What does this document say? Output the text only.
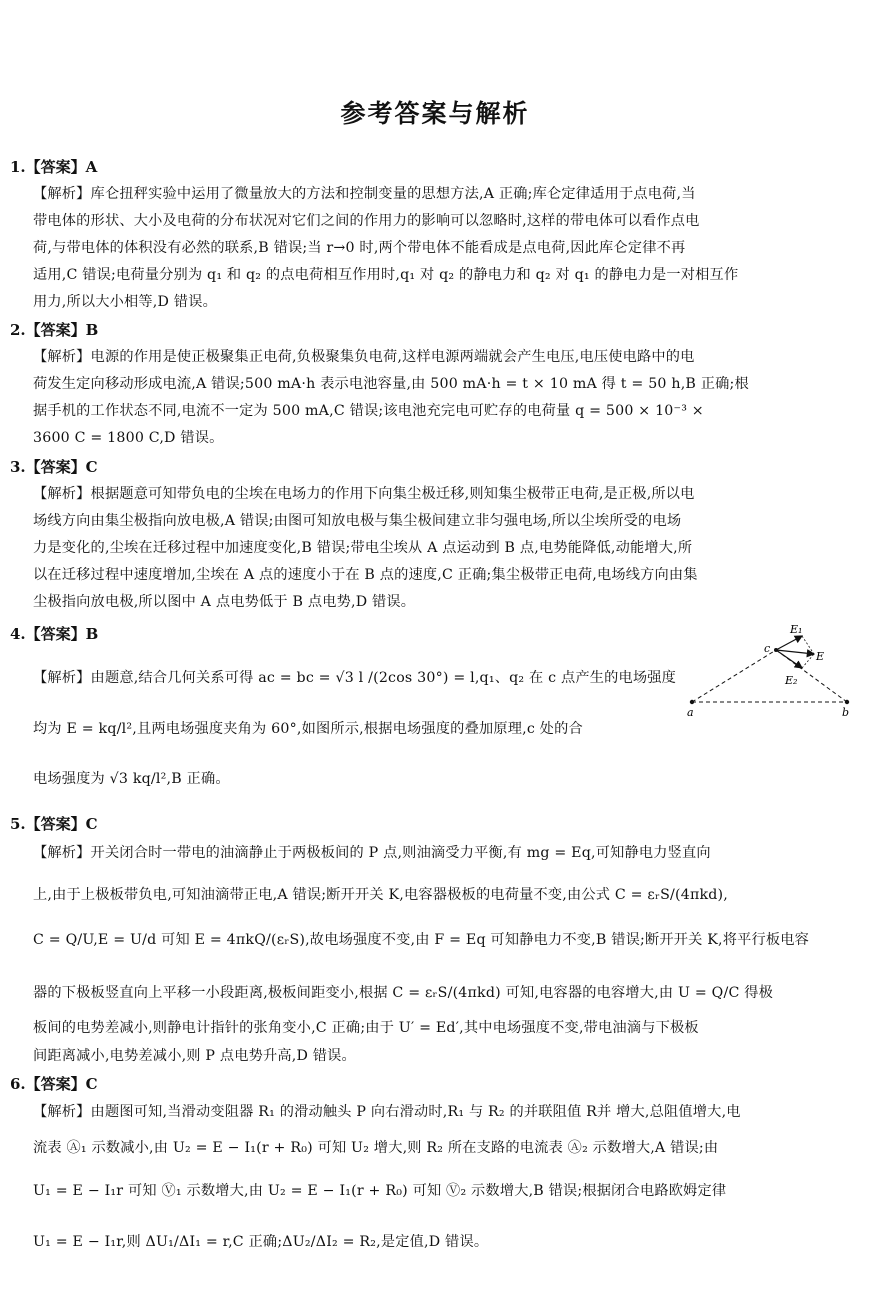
参考答案与解析
1.【答案】A
【解析】库仑扭秤实验中运用了微量放大的方法和控制变量的思想方法,A 正确;库仑定律适用于点电荷,当
带电体的形状、大小及电荷的分布状况对它们之间的作用力的影响可以忽略时,这样的带电体可以看作点电
荷,与带电体的体积没有必然的联系,B 错误;当 r→0 时,两个带电体不能看成是点电荷,因此库仑定律不再
适用,C 错误;电荷量分别为 q₁ 和 q₂ 的点电荷相互作用时,q₁ 对 q₂ 的静电力和 q₂ 对 q₁ 的静电力是一对相互作
用力,所以大小相等,D 错误。
2.【答案】B
【解析】电源的作用是使正极聚集正电荷,负极聚集负电荷,这样电源两端就会产生电压,电压使电路中的电
荷发生定向移动形成电流,A 错误;500 mA·h 表示电池容量,由 500 mA·h = t × 10 mA 得 t = 50 h,B 正确;根
据手机的工作状态不同,电流不一定为 500 mA,C 错误;该电池充完电可贮存的电荷量 q = 500 × 10⁻³ ×
3600 C = 1800 C,D 错误。
3.【答案】C
【解析】根据题意可知带负电的尘埃在电场力的作用下向集尘极迁移,则知集尘极带正电荷,是正极,所以电
场线方向由集尘极指向放电极,A 错误;由图可知放电极与集尘极间建立非匀强电场,所以尘埃所受的电场
力是变化的,尘埃在迁移过程中加速度变化,B 错误;带电尘埃从 A 点运动到 B 点,电势能降低,动能增大,所
以在迁移过程中速度增加,尘埃在 A 点的速度小于在 B 点的速度,C 正确;集尘极带正电荷,电场线方向由集
尘极指向放电极,所以图中 A 点电势低于 B 点电势,D 错误。
4.【答案】B
【解析】由题意,结合几何关系可得 ac = bc = √3 l /(2cos 30°) = l,q₁、q₂ 在 c 点产生的电场强度
均为 E = kq/l²,且两电场强度夹角为 60°,如图所示,根据电场强度的叠加原理,c 处的合
电场强度为 √3 kq/l²,B 正确。
E₁
c
E
E₂
a	b
5.【答案】C
【解析】开关闭合时一带电的油滴静止于两极板间的 P 点,则油滴受力平衡,有 mg = Eq,可知静电力竖直向
上,由于上极板带负电,可知油滴带正电,A 错误;断开开关 K,电容器极板的电荷量不变,由公式 C = εᵣS/(4πkd),
C = Q/U,E = U/d 可知 E = 4πkQ/(εᵣS),故电场强度不变,由 F = Eq 可知静电力不变,B 错误;断开开关 K,将平行板电容
器的下极板竖直向上平移一小段距离,极板间距变小,根据 C = εᵣS/(4πkd) 可知,电容器的电容增大,由 U = Q/C 得极
板间的电势差减小,则静电计指针的张角变小,C 正确;由于 U′ = Ed′,其中电场强度不变,带电油滴与下极板
间距离减小,电势差减小,则 P 点电势升高,D 错误。
6.【答案】C
【解析】由题图可知,当滑动变阻器 R₁ 的滑动触头 P 向右滑动时,R₁ 与 R₂ 的并联阻值 R并 增大,总阻值增大,电
流表 Ⓐ₁ 示数减小,由 U₂ = E − I₁(r + R₀) 可知 U₂ 增大,则 R₂ 所在支路的电流表 Ⓐ₂ 示数增大,A 错误;由
U₁ = E − I₁r 可知 Ⓥ₁ 示数增大,由 U₂ = E − I₁(r + R₀) 可知 Ⓥ₂ 示数增大,B 错误;根据闭合电路欧姆定律
U₁ = E − I₁r,则 ΔU₁/ΔI₁ = r,C 正确;ΔU₂/ΔI₂ = R₂,是定值,D 错误。
